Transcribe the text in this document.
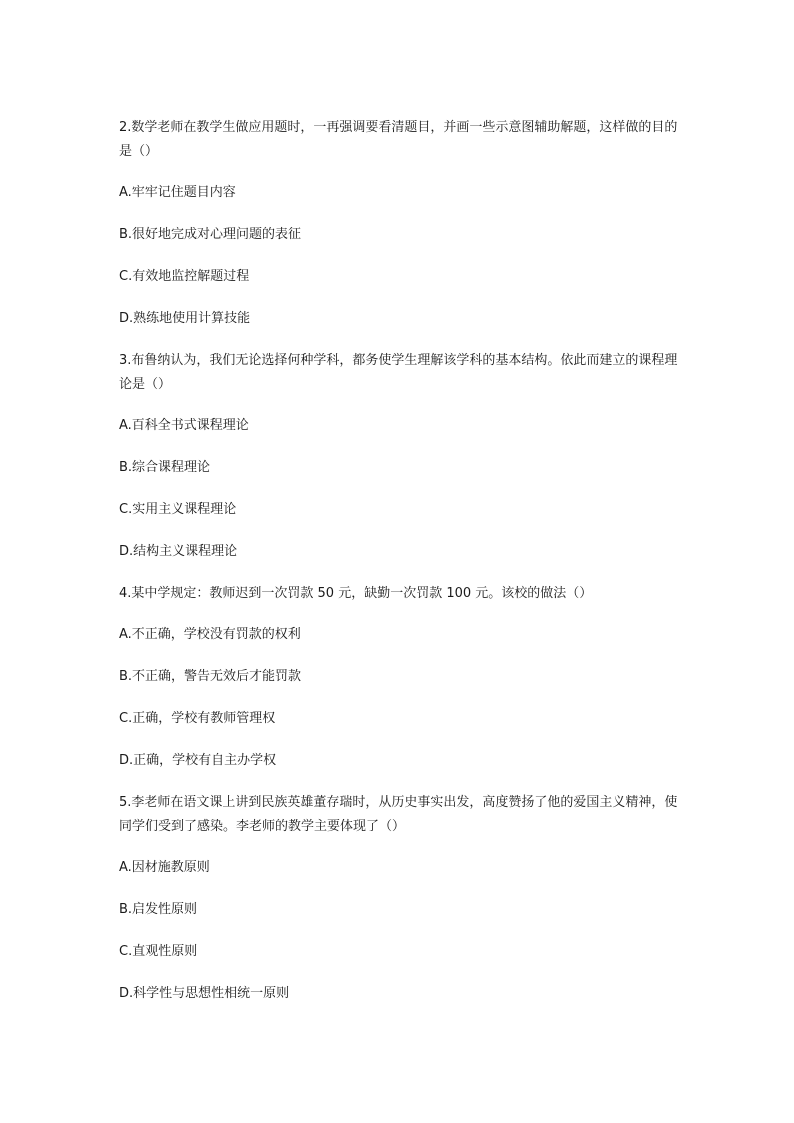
2.数学老师在教学生做应用题时，一再强调要看清题目，并画一些示意图辅助解题，这样做的目的是（）

A.牢牢记住题目内容

B.很好地完成对心理问题的表征

C.有效地监控解题过程

D.熟练地使用计算技能

3.布鲁纳认为，我们无论选择何种学科，都务使学生理解该学科的基本结构。依此而建立的课程理论是（）

A.百科全书式课程理论

B.综合课程理论

C.实用主义课程理论

D.结构主义课程理论

4.某中学规定：教师迟到一次罚款 50 元，缺勤一次罚款 100 元。该校的做法（）

A.不正确，学校没有罚款的权利

B.不正确，警告无效后才能罚款

C.正确，学校有教师管理权

D.正确，学校有自主办学权

5.李老师在语文课上讲到民族英雄董存瑞时，从历史事实出发，高度赞扬了他的爱国主义精神，使同学们受到了感染。李老师的教学主要体现了（）

A.因材施教原则

B.启发性原则

C.直观性原则

D.科学性与思想性相统一原则
